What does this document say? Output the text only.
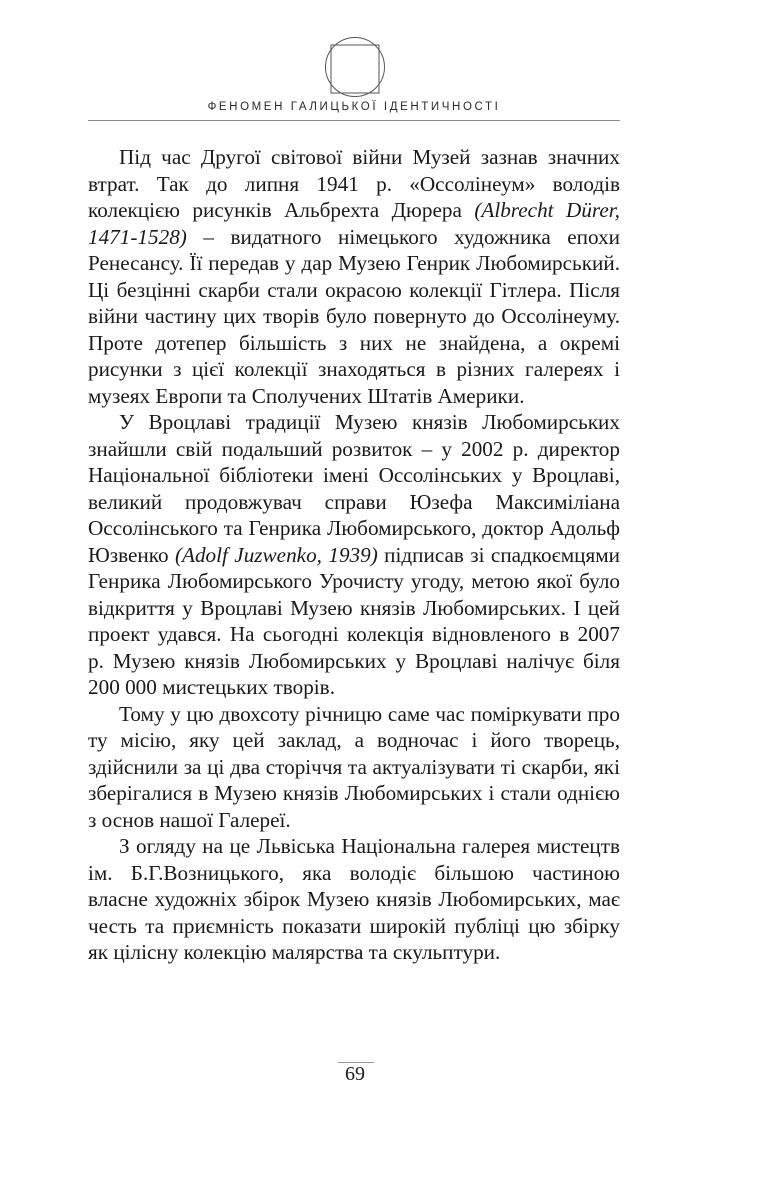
ФЕНОМЕН ГАЛИЦЬКОЇ ІДЕНТИЧНОСТІ

Під час Другої світової війни Музей зазнав значних втрат. Так до липня 1941 р. «Оссолінеум» володів колекцією рисунків Альбрехта Дюрера (Albrecht Dürer, 1471-1528) – видатного німецького художника епохи Ренесансу. Її передав у дар Музею Генрик Любомирський. Ці безцінні скарби стали окрасою колекції Гітлера. Після війни частину цих творів було повернуто до Оссолінеуму. Проте дотепер більшість з них не знайдена, а окремі рисунки з цієї колекції знаходяться в різних галереях і музеях Европи та Сполучених Штатів Америки.

У Вроцлаві традиції Музею князів Любомирських знайшли свій подальший розвиток – у 2002 р. директор Національної бібліотеки імені Оссолінських у Вроцлаві, великий продовжувач справи Юзефа Максиміліана Оссолінського та Генрика Любомирського, доктор Адольф Юзвенко (Adolf Juzwenko, 1939) підписав зі спадкоємцями Генрика Любомирського Урочисту угоду, метою якої було відкриття у Вроцлаві Музею князів Любомирських. І цей проект удався. На сьогодні колекція відновленого в 2007 р. Музею князів Любомирських у Вроцлаві налічує біля 200 000 мистецьких творів.

Тому у цю двохсоту річницю саме час поміркувати про ту місію, яку цей заклад, а водночас і його творець, здійснили за ці два сторіччя та актуалізувати ті скарби, які зберігалися в Музею князів Любомирських і стали однією з основ нашої Галереї.

З огляду на це Львіська Національна галерея мистецтв ім. Б.Г.Возницького, яка володіє більшою частиною власне художніх збірок Музею князів Любомирських, має честь та приємність показати широкій публіці цю збірку як цілісну колекцію малярства та скульптури.

69
